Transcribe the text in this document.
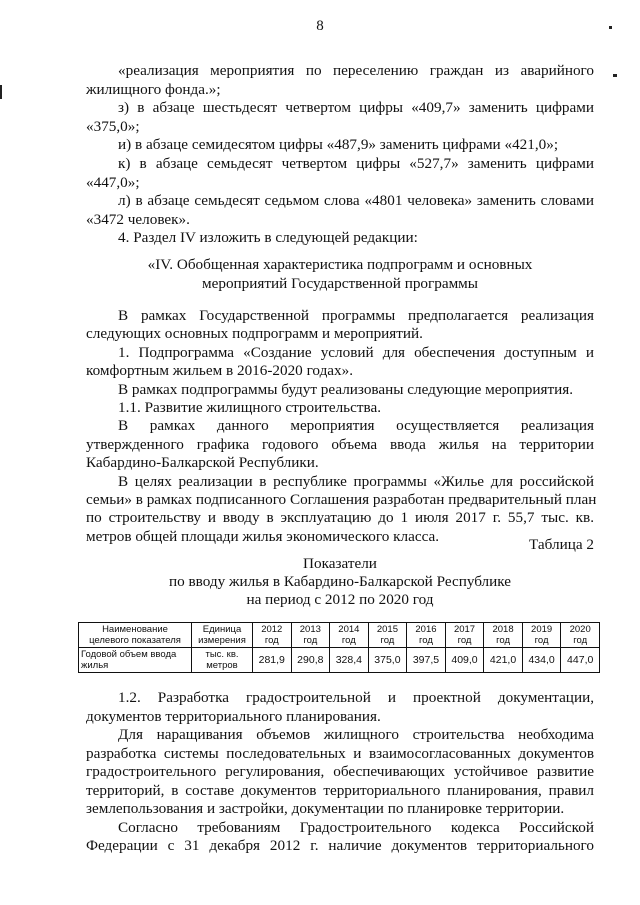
8
«реализация мероприятия по переселению граждан из аварийного
жилищного фонда.»;
з) в абзаце шестьдесят четвертом цифры «409,7» заменить цифрами
«375,0»;
и) в абзаце семидесятом цифры «487,9» заменить цифрами «421,0»;
к) в абзаце семьдесят четвертом цифры «527,7» заменить цифрами
«447,0»;
л) в абзаце семьдесят седьмом слова «4801 человека» заменить словами
«3472 человек».
4. Раздел IV изложить в следующей редакции:
«IV. Обобщенная характеристика подпрограмм и основных
мероприятий Государственной программы
В рамках Государственной программы предполагается реализация
следующих основных подпрограмм и мероприятий.
1. Подпрограмма «Создание условий для обеспечения доступным и
комфортным жильем в 2016-2020 годах».
В рамках подпрограммы будут реализованы следующие мероприятия.
1.1. Развитие жилищного строительства.
В рамках данного мероприятия осуществляется реализация
утвержденного графика годового объема ввода жилья на территории
Кабардино-Балкарской Республики.
В целях реализации в республике программы «Жилье для российской
семьи» в рамках подписанного Соглашения разработан предварительный план
по строительству и вводу в эксплуатацию до 1 июля 2017 г. 55,7 тыс. кв.
метров общей площади жилья экономического класса.	Таблица 2
Показатели
по вводу жилья в Кабардино-Балкарской Республике
на период с 2012 по 2020 год
Наименование целевого показателя	Единица измерения	2012 год	2013 год	2014 год	2015 год	2016 год	2017 год	2018 год	2019 год	2020 год
Годовой объем ввода жилья	тыс. кв. метров	281,9	290,8	328,4	375,0	397,5	409,0	421,0	434,0	447,0
1.2. Разработка градостроительной и проектной документации,
документов территориального планирования.
Для наращивания объемов жилищного строительства необходима
разработка системы последовательных и взаимосогласованных документов
градостроительного регулирования, обеспечивающих устойчивое развитие
территорий, в составе документов территориального планирования, правил
землепользования и застройки, документации по планировке территории.
Согласно требованиям Градостроительного кодекса Российской
Федерации с 31 декабря 2012 г. наличие документов территориального
